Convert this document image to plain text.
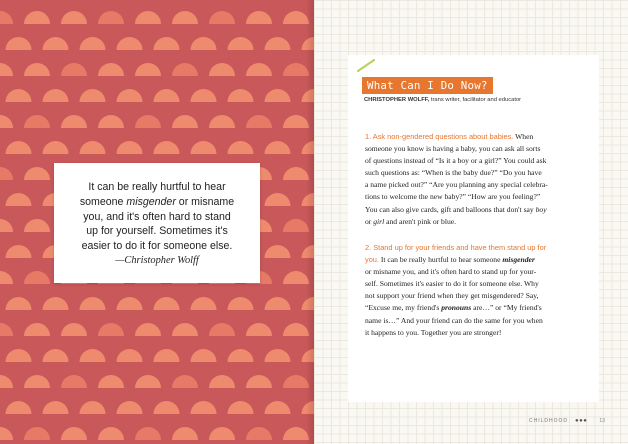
It can be really hurtful to hear
someone misgender or misname
you, and it's often hard to stand
up for yourself. Sometimes it's
easier to do it for someone else.
—Christopher Wolff
What Can I Do Now?
CHRISTOPHER WOLFF, trans writer, facilitator and educator
1. Ask non-gendered questions about babies. When
someone you know is having a baby, you can ask all sorts
of questions instead of “Is it a boy or a girl?” You could ask
such questions as: “When is the baby due?” “Do you have
a name picked out?” “Are you planning any special celebra-
tions to welcome the new baby?” “How are you feeling?”
You can also give cards, gift and balloons that don't say boy
or girl and aren't pink or blue.
2. Stand up for your friends and have them stand up for
you. It can be really hurtful to hear someone misgender
or misname you, and it's often hard to stand up for your-
self. Sometimes it's easier to do it for someone else. Why
not support your friend when they get misgendered? Say,
“Excuse me, my friend's pronouns are…” or “My friend's
name is…” And your friend can do the same for you when
it happens to you. Together you are stronger!
CHILDHOOD ●●● 13
